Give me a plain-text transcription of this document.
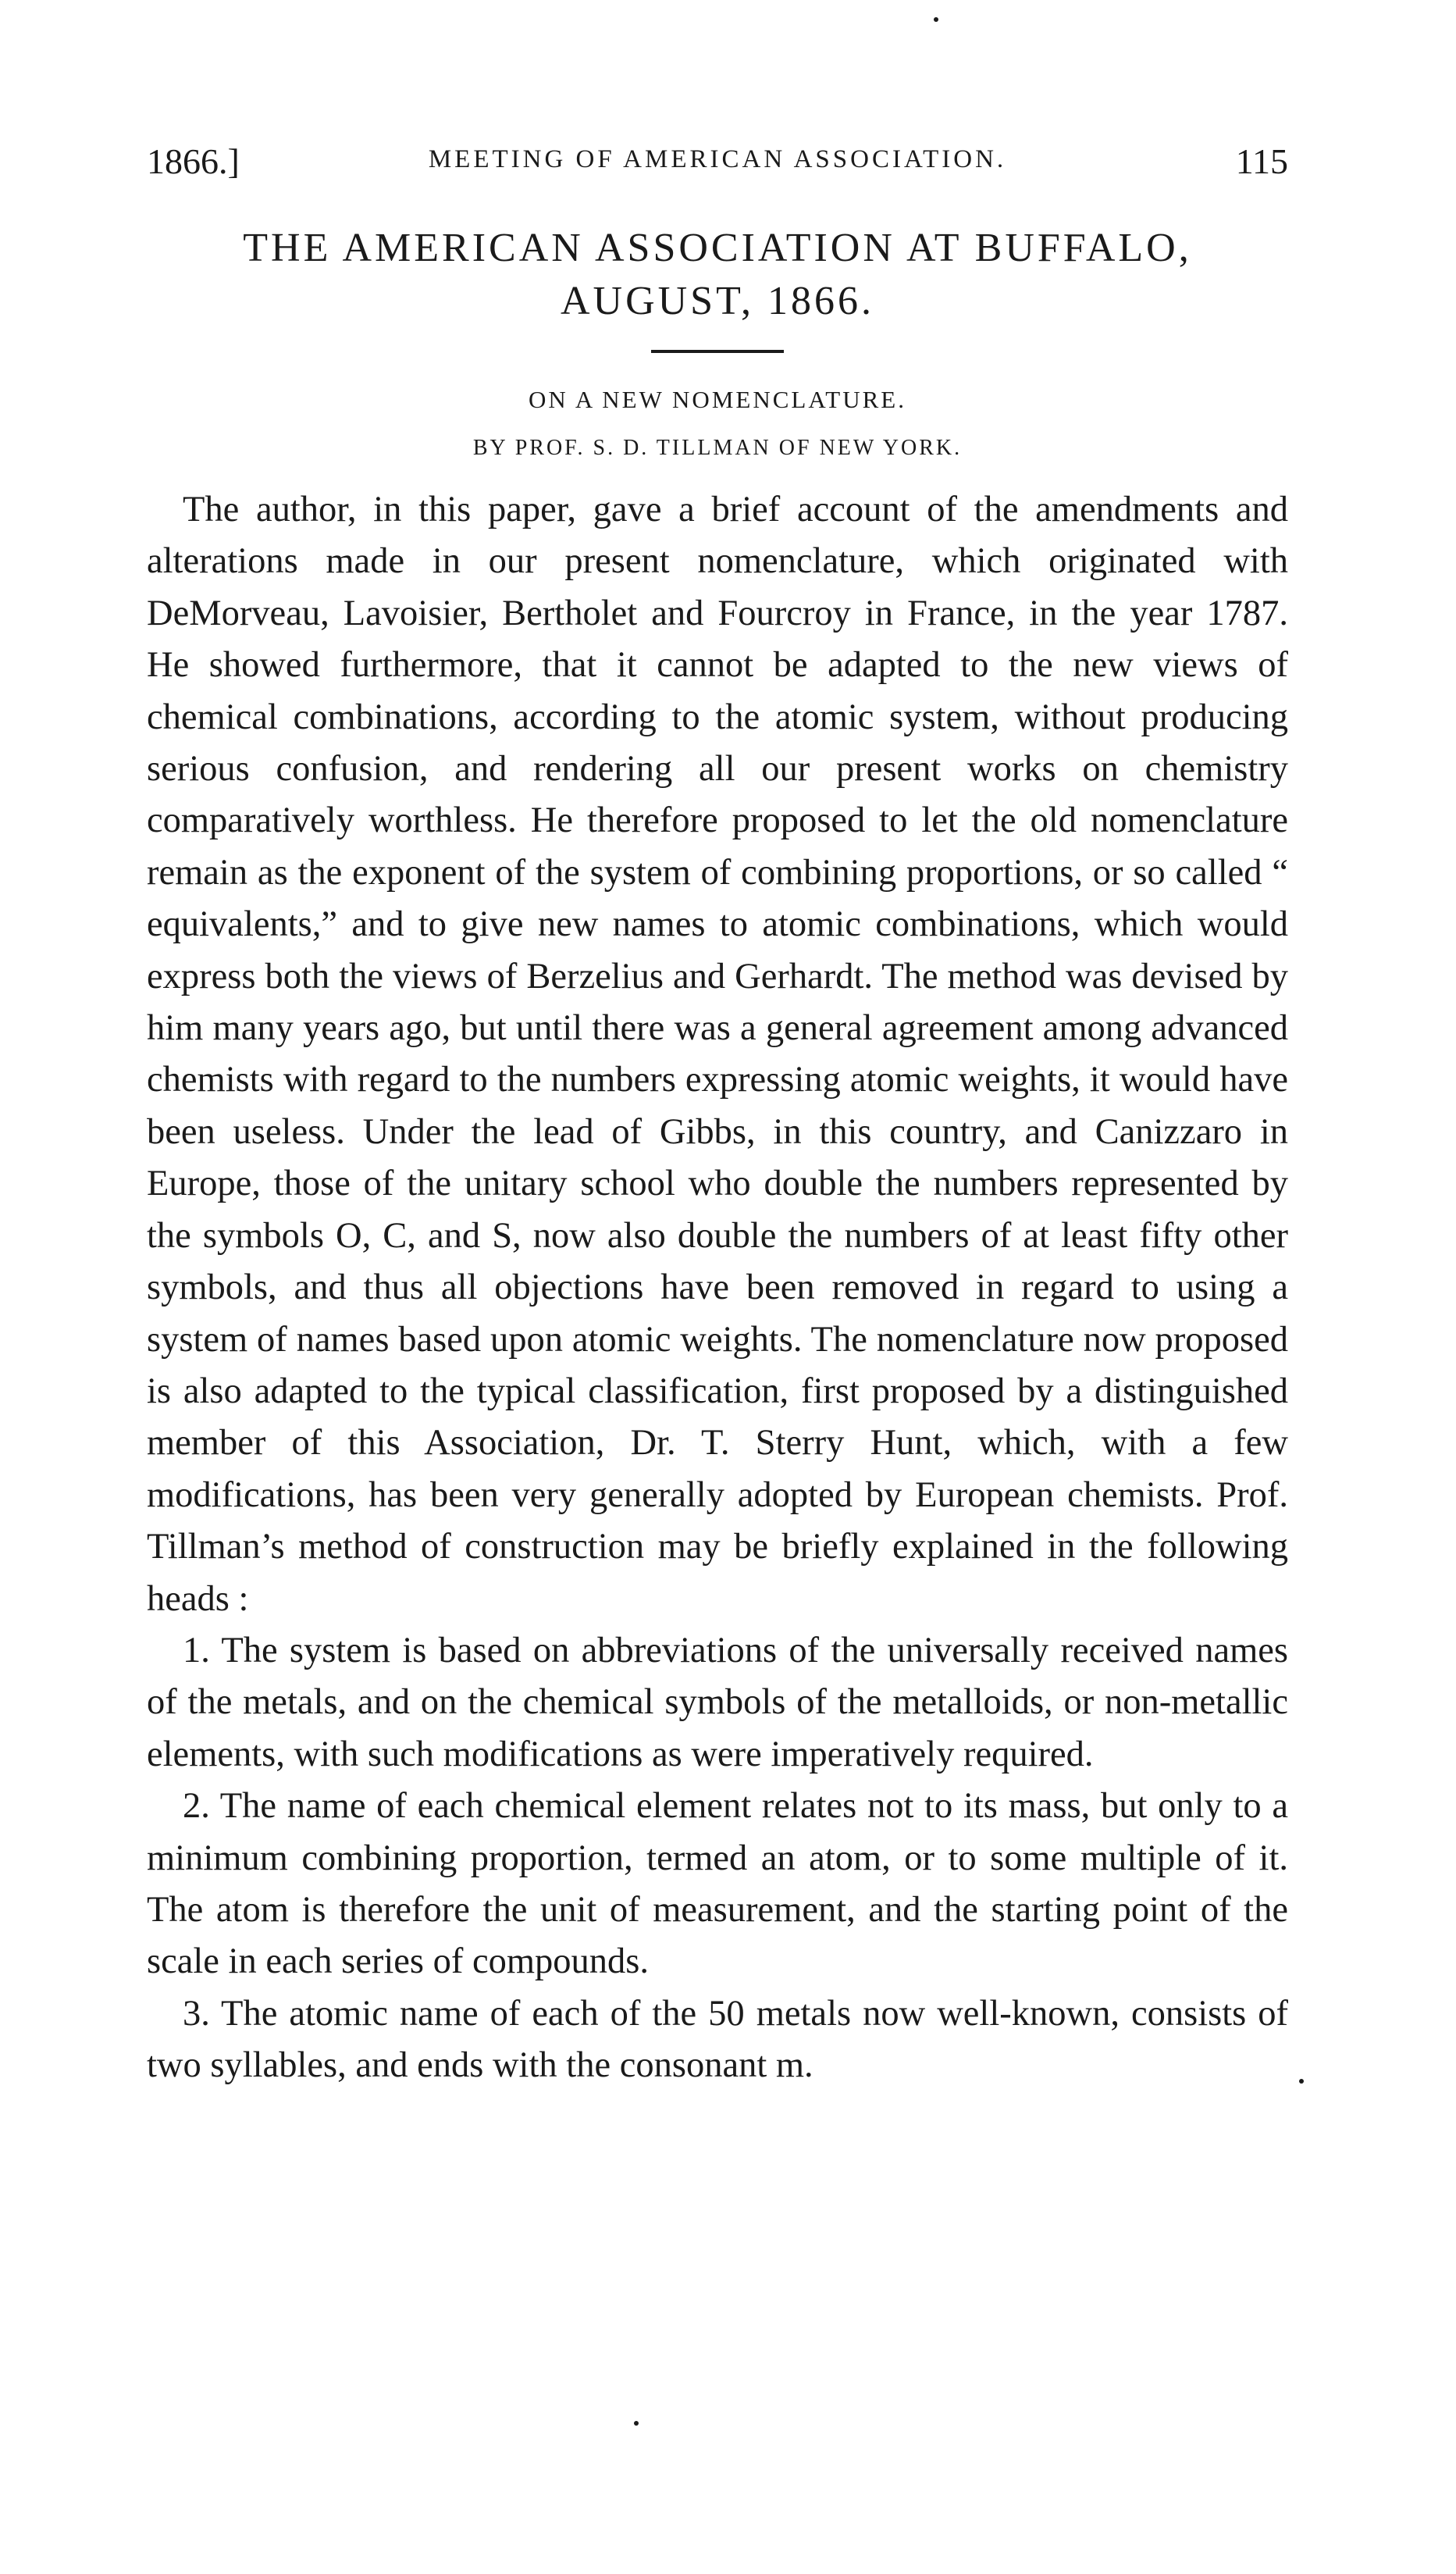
1866.]	MEETING OF AMERICAN ASSOCIATION.	115
THE AMERICAN ASSOCIATION AT BUFFALO,
AUGUST, 1866.
ON A NEW NOMENCLATURE.
BY PROF. S. D. TILLMAN OF NEW YORK.

The author, in this paper, gave a brief account of the amendments and alterations made in our present nomenclature, which originated with DeMorveau, Lavoisier, Bertholet and Fourcroy in France, in the year 1787. He showed furthermore, that it cannot be adapted to the new views of chemical combinations, according to the atomic system, without producing serious confusion, and rendering all our present works on chemistry comparatively worthless. He therefore proposed to let the old nomenclature remain as the exponent of the system of combining proportions, or so called “ equivalents,” and to give new names to atomic combinations, which would express both the views of Berzelius and Gerhardt. The method was devised by him many years ago, but until there was a general agreement among advanced chemists with regard to the numbers expressing atomic weights, it would have been useless. Under the lead of Gibbs, in this country, and Canizzaro in Europe, those of the unitary school who double the numbers represented by the symbols O, C, and S, now also double the numbers of at least fifty other symbols, and thus all objections have been removed in regard to using a system of names based upon atomic weights. The nomenclature now proposed is also adapted to the typical classification, first proposed by a distinguished member of this Association, Dr. T. Sterry Hunt, which, with a few modifications, has been very generally adopted by European chemists. Prof. Tillman’s method of construction may be briefly explained in the following heads :

1. The system is based on abbreviations of the universally received names of the metals, and on the chemical symbols of the metalloids, or non-metallic elements, with such modifications as were imperatively required.

2. The name of each chemical element relates not to its mass, but only to a minimum combining proportion, termed an atom, or to some multiple of it. The atom is therefore the unit of measurement, and the starting point of the scale in each series of compounds.

3. The atomic name of each of the 50 metals now well-known, consists of two syllables, and ends with the consonant m.
